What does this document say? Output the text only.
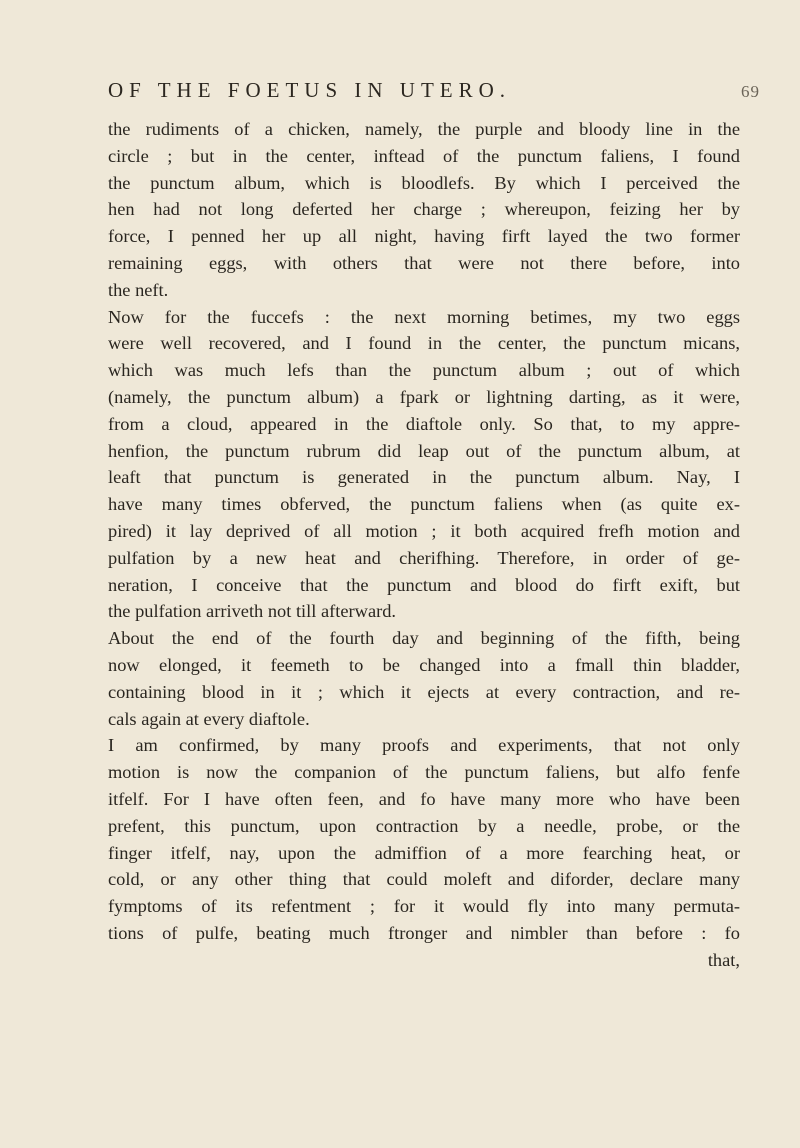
OF THE FOETUS IN UTERO.	69
the rudiments of a chicken, namely, the purple and bloody line in the
circle ; but in the center, inftead of the punctum faliens, I found
the punctum album, which is bloodlefs. By which I perceived the
hen had not long deferted her charge ; whereupon, feizing her by
force, I penned her up all night, having firft layed the two former
remaining eggs, with others that were not there before, into
the neft.
Now for the fuccefs : the next morning betimes, my two eggs
were well recovered, and I found in the center, the punctum micans,
which was much lefs than the punctum album ; out of which
(namely, the punctum album) a fpark or lightning darting, as it were,
from a cloud, appeared in the diaftole only. So that, to my appre-
henfion, the punctum rubrum did leap out of the punctum album, at
leaft that punctum is generated in the punctum album. Nay, I
have many times obferved, the punctum faliens when (as quite ex-
pired) it lay deprived of all motion ; it both acquired frefh motion and
pulfation by a new heat and cherifhing. Therefore, in order of ge-
neration, I conceive that the punctum and blood do firft exift, but
the pulfation arriveth not till afterward.
About the end of the fourth day and beginning of the fifth, being
now elonged, it feemeth to be changed into a fmall thin bladder,
containing blood in it ; which it ejects at every contraction, and re-
cals again at every diaftole.
I am confirmed, by many proofs and experiments, that not only
motion is now the companion of the punctum faliens, but alfo fenfe
itfelf. For I have often feen, and fo have many more who have been
prefent, this punctum, upon contraction by a needle, probe, or the
finger itfelf, nay, upon the admiffion of a more fearching heat, or
cold, or any other thing that could moleft and diforder, declare many
fymptoms of its refentment ; for it would fly into many permuta-
tions of pulfe, beating much ftronger and nimbler than before : fo
that,
